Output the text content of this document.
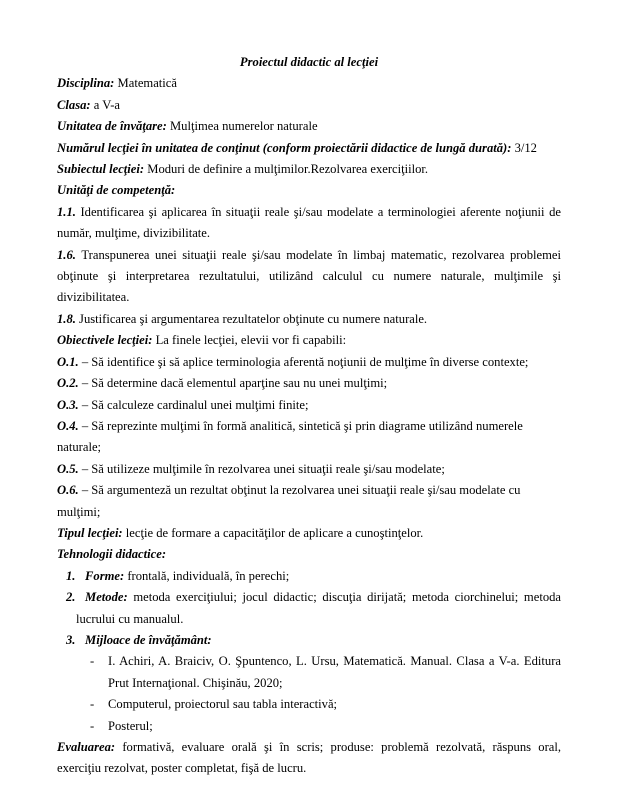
Proiectul didactic al lecţiei

Disciplina: Matematică

Clasa: a V-a

Unitatea de învăţare: Mulţimea numerelor naturale

Numărul lecţiei în unitatea de conţinut (conform proiectării didactice de lungă durată): 3/12

Subiectul lecţiei: Moduri de definire a mulţimilor.Rezolvarea exerciţiilor.

Unităţi de competenţă:

1.1. Identificarea şi aplicarea în situaţii reale şi/sau modelate a terminologiei aferente noţiunii de număr, mulţime, divizibilitate.

1.6. Transpunerea unei situaţii reale şi/sau modelate în limbaj matematic, rezolvarea problemei obţinute şi interpretarea rezultatului, utilizând calculul cu numere naturale, mulţimile şi divizibilitatea.

1.8. Justificarea şi argumentarea rezultatelor obţinute cu numere naturale.

Obiectivele lecţiei: La finele lecţiei, elevii vor fi capabili:

O.1. – Să identifice şi să aplice terminologia aferentă noţiunii de mulţime în diverse contexte;

O.2. – Să determine dacă elementul aparţine sau nu unei mulţimi;

O.3. – Să calculeze cardinalul unei mulţimi finite;

O.4. – Să reprezinte mulţimi în formă analitică, sintetică şi prin diagrame utilizând numerele naturale;

O.5. – Să utilizeze mulţimile în rezolvarea unei situaţii reale şi/sau modelate;

O.6. – Să argumenteză un rezultat obţinut la rezolvarea unei situaţii reale şi/sau modelate cu mulţimi;

Tipul lecţiei: lecţie de formare a capacităţilor de aplicare a cunoştinţelor.

Tehnologii didactice:

1.Forme: frontală, individuală, în perechi;

2.Metode: metoda exerciţiului; jocul didactic; discuţia dirijată; metoda ciorchinelui; metoda lucrului cu manualul.

3.Mijloace de învăţământ:

- I. Achiri, A. Braiciv, O. Şpuntenco, L. Ursu, Matematică. Manual. Clasa a V-a. Editura Prut Internaţional. Chişinău, 2020;

- Computerul, proiectorul sau tabla interactivă;

- Posterul;

Evaluarea: formativă, evaluare orală şi în scris; produse: problemă rezolvată, răspuns oral, exerciţiu rezolvat, poster completat, fişă de lucru.
